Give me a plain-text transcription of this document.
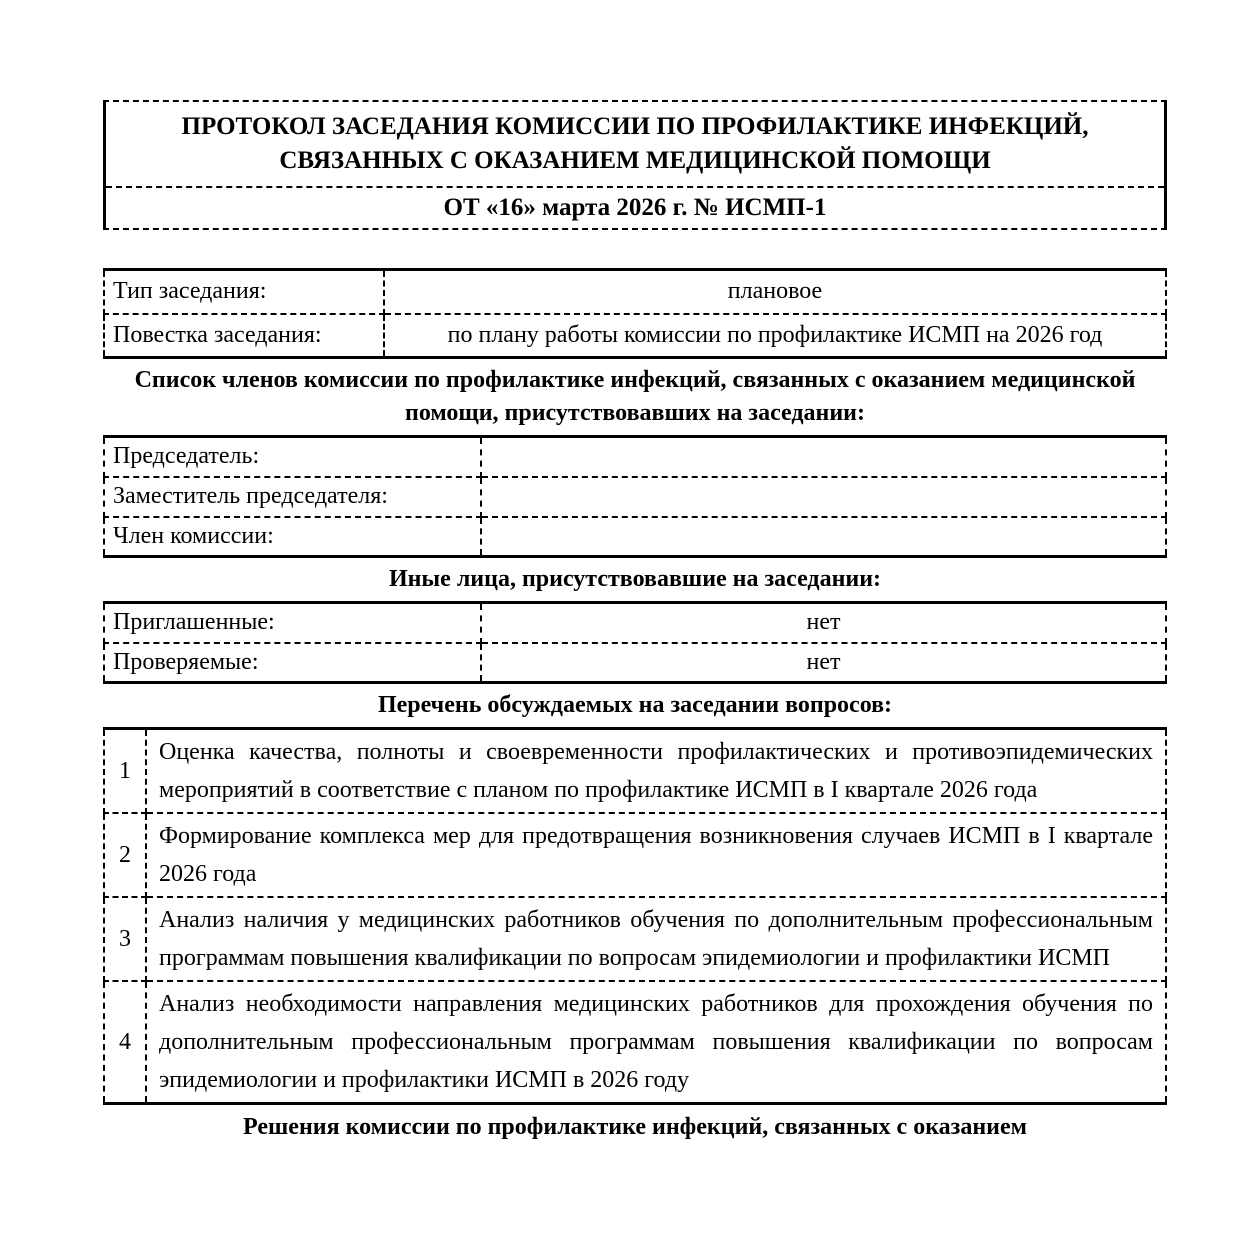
ПРОТОКОЛ ЗАСЕДАНИЯ КОМИССИИ ПО ПРОФИЛАКТИКЕ ИНФЕКЦИЙ, СВЯЗАННЫХ С ОКАЗАНИЕМ МЕДИЦИНСКОЙ ПОМОЩИ
ОТ «16» марта 2026 г. № ИСМП-1
Тип заседания:	плановое
Повестка заседания:	по плану работы комиссии по профилактике ИСМП на 2026 год
Список членов комиссии по профилактике инфекций, связанных с оказанием медицинской помощи, присутствовавших на заседании:
Председатель:	
Заместитель председателя:	
Член комиссии:	
Иные лица, присутствовавшие на заседании:
Приглашенные:	нет
Проверяемые:	нет
Перечень обсуждаемых на заседании вопросов:
1	Оценка качества, полноты и своевременности профилактических и противоэпидемических мероприятий в соответствие с планом по профилактике ИСМП в I квартале 2026 года
2	Формирование комплекса мер для предотвращения возникновения случаев ИСМП в I квартале 2026 года
3	Анализ наличия у медицинских работников обучения по дополнительным профессиональным программам повышения квалификации по вопросам эпидемиологии и профилактики ИСМП
4	Анализ необходимости направления медицинских работников для прохождения обучения по дополнительным профессиональным программам повышения квалификации по вопросам эпидемиологии и профилактики ИСМП в 2026 году
Решения комиссии по профилактике инфекций, связанных с оказанием
